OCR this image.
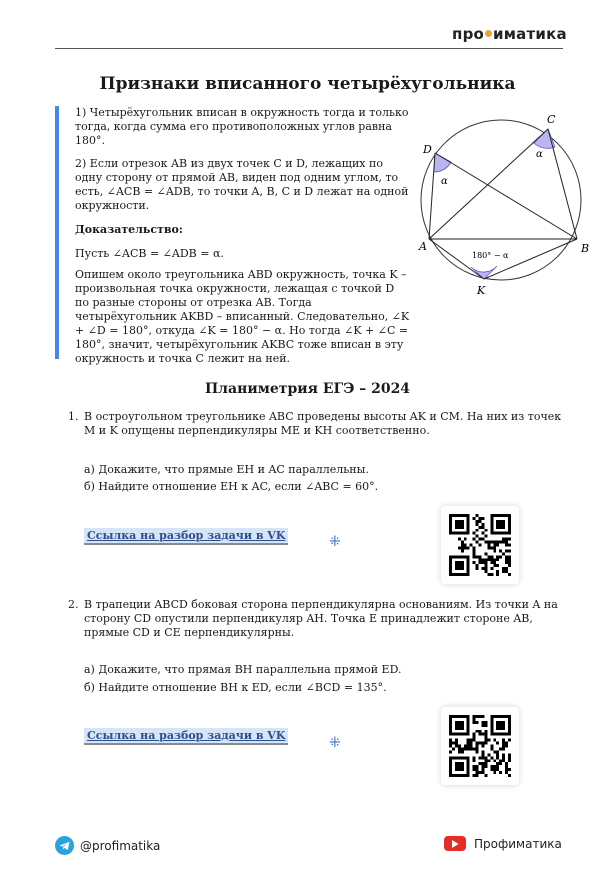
про иматика
Признаки вписанного четырёхугольника

1) Четырёхугольник вписан в окружность тогда и только тогда, когда сумма его противоположных углов равна 180°.

2) Если отрезок AB из двух точек C и D, лежащих по одну сторону от прямой AB, виден под одним углом, то есть, ∠ACB = ∠ADB, то точки A, B, C и D лежат на одной окружности.

Доказательство:

Пусть ∠ACB = ∠ADB = α.

Опишем около треугольника ABD окружность, точка K – произвольная точка окружности, лежащая с точкой D по разные стороны от отрезка AB. Тогда четырёхугольник AKBD – вписанный. Следовательно, ∠K + ∠D = 180°, откуда ∠K = 180° − α. Но тогда ∠K + ∠C = 180°, значит, четырёхугольник AKBC тоже вписан в эту окружность и точка C лежит на ней.

A	B
C
D
K
α
α
180° − α
Планиметрия ЕГЭ – 2024
1. В остроугольном треугольнике ABC проведены высоты AK и CM. На них из точек M и K опущены перпендикуляры ME и KH соответственно.
а) Докажите, что прямые EH и AC параллельны.
б) Найдите отношение EH к AC, если ∠ABC = 60°.
Ссылка на разбор задачи в VK	⁜
2. В трапеции ABCD боковая сторона перпендикулярна основаниям. Из точки A на сторону CD опустили перпендикуляр AH. Точка E принадлежит стороне AB, прямые CD и CE перпендикулярны.
а) Докажите, что прямая BH параллельна прямой ED.
б) Найдите отношение BH к ED, если ∠BCD = 135°.
Ссылка на разбор задачи в VK	⁜
@profimatika	Профиматика
